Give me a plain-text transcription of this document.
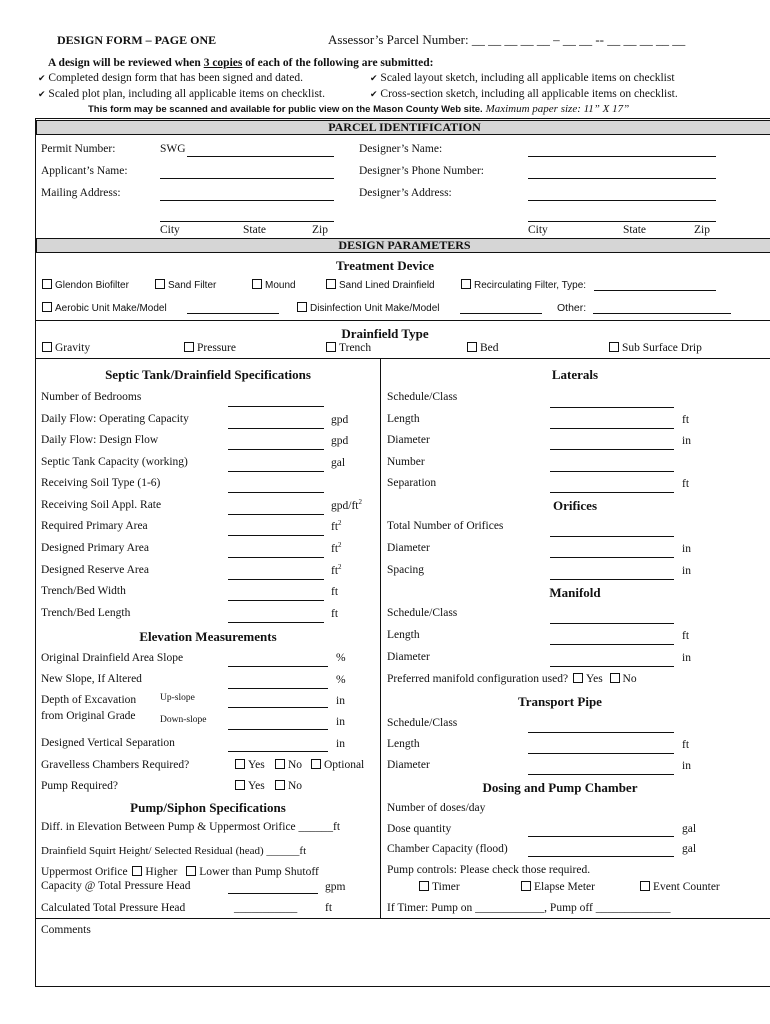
DESIGN FORM – PAGE ONE	Assessor’s Parcel Number: __ __ __ __ __ – __ __ -- __ __ __ __ __
A design will be reviewed when 3 copies of each of the following are submitted:
✔ Completed design form that has been signed and dated.	✔ Scaled layout sketch, including all applicable items on checklist
✔ Scaled plot plan, including all applicable items on checklist.	✔ Cross-section sketch, including all applicable items on checklist.
This form may be scanned and available for public view on the Mason County Web site. Maximum paper size: 11” X 17”
PARCEL IDENTIFICATION
Permit Number:	SWG
Applicant’s Name:
Mailing Address:
City	State	Zip
Designer’s Name:
Designer’s Phone Number:
Designer’s Address:
City	State	Zip
DESIGN PARAMETERS
Treatment Device
Glendon Biofilter	Sand Filter	Mound	Sand Lined Drainfield	Recirculating Filter, Type:
Aerobic Unit Make/Model	Disinfection Unit Make/Model	Other:
Drainfield Type
Gravity	Pressure	Trench	Bed	Sub Surface Drip
Septic Tank/Drainfield Specifications
Number of Bedrooms
Daily Flow: Operating Capacity	gpd
Daily Flow: Design Flow	gpd
Septic Tank Capacity (working)	gal
Receiving Soil Type (1-6)
Receiving Soil Appl. Rate	gpd/$ft^2$
Required Primary Area	$ft^2$
Designed Primary Area	$ft^2$
Designed Reserve Area	$ft^2$
Trench/Bed Width	ft
Trench/Bed Length	ft
Elevation Measurements
Original Drainfield Area Slope	%
New Slope, If Altered	%
Depth of Excavation
from Original Grade
Up-slope	in
Down-slope	in
Designed Vertical Separation	in
Gravelless Chambers Required?	Yes	No	Optional
Pump Required?	Yes	No
Pump/Siphon Specifications
Diff. in Elevation Between Pump & Uppermost Orifice ______ft
Drainfield Squirt Height/ Selected Residual (head) ______ft
Uppermost Orifice Higher Lower than Pump Shutoff
Capacity @ Total Pressure Head	gpm
Calculated Total Pressure Head	___________ ft
Laterals
Schedule/Class
Length	ft
Diameter	in
Number
Separation	ft
Orifices
Total Number of Orifices
Diameter	in
Spacing	in
Manifold
Schedule/Class
Length	ft
Diameter	in
Preferred manifold configuration used? Yes No
Transport Pipe
Schedule/Class
Length	ft
Diameter	in
Dosing and Pump Chamber
Number of doses/day
Dose quantity	gal
Chamber Capacity (flood)	gal
Pump controls: Please check those required.
Timer	Elapse Meter	Event Counter
If Timer: Pump on ____________, Pump off _____________
Comments
